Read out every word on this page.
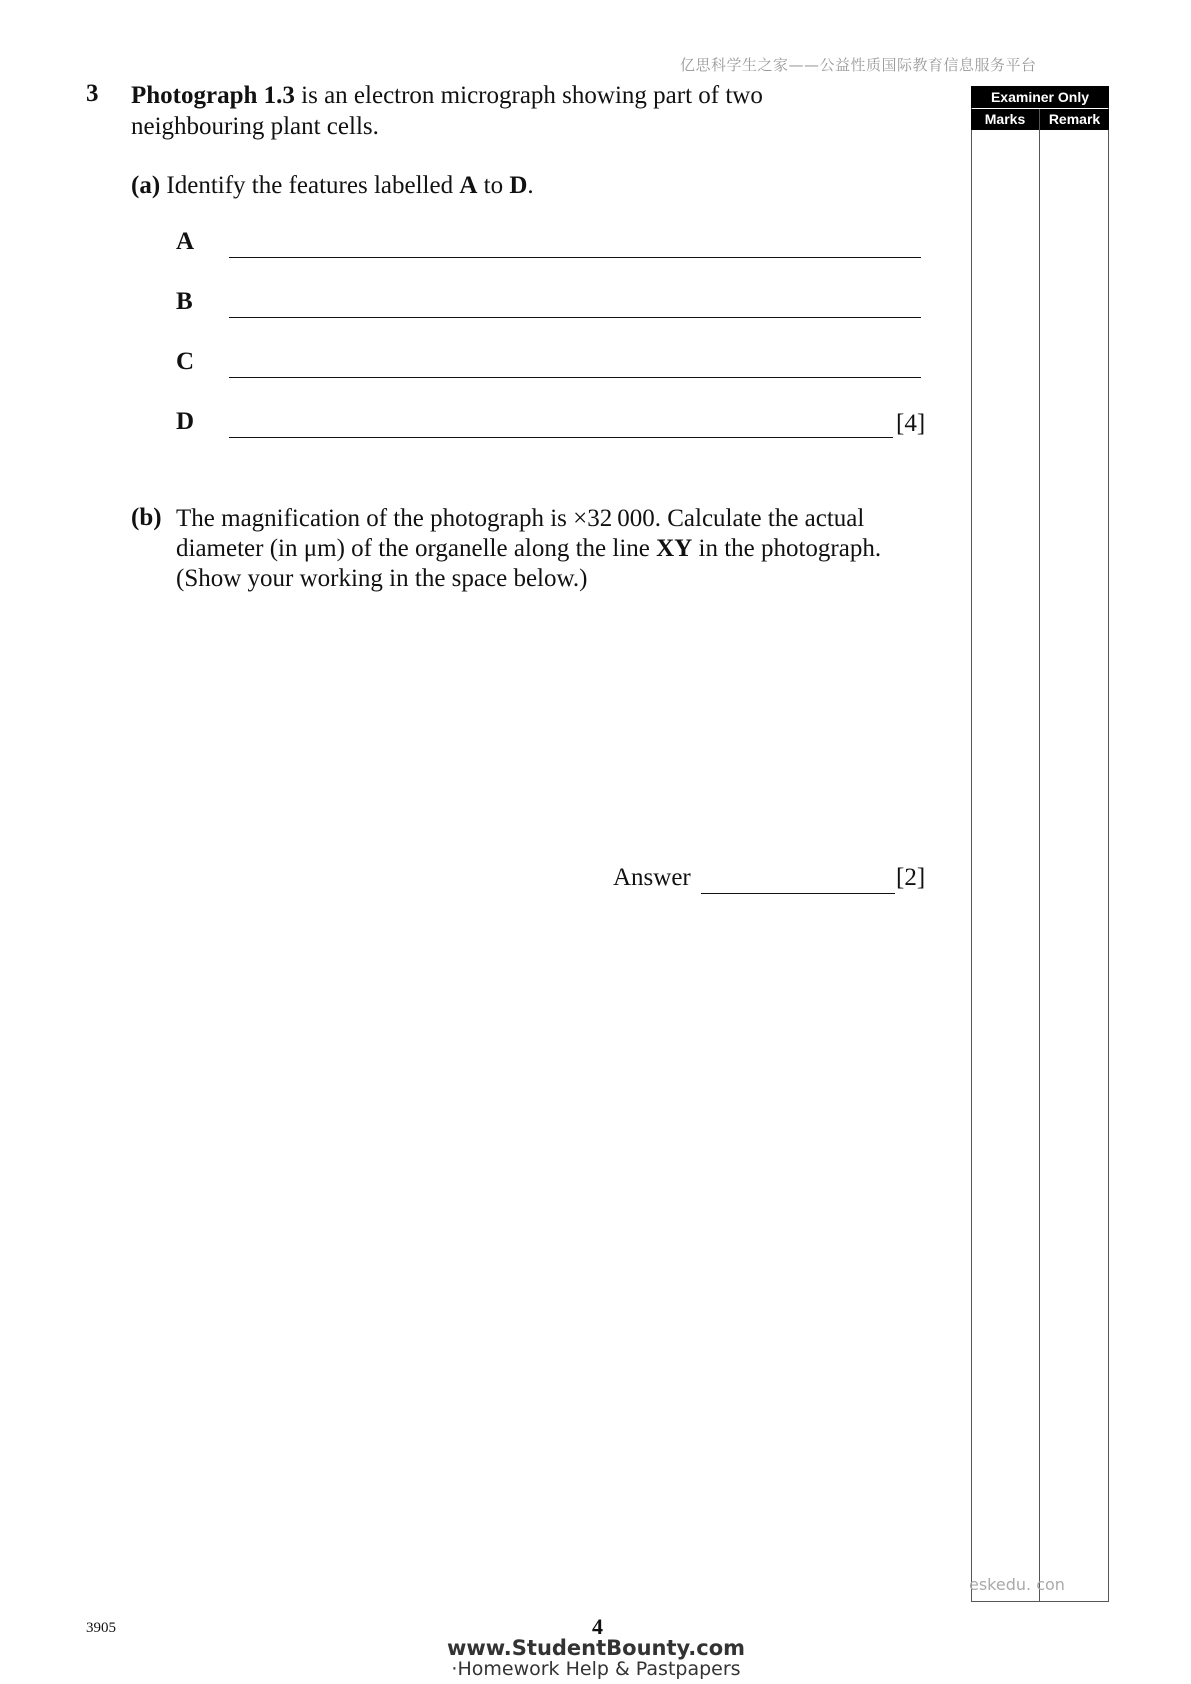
亿思科学生之家——公益性质国际教育信息服务平台
3 Photograph 1.3 is an electron micrograph showing part of two neighbouring plant cells.
(a) Identify the features labelled A to D.
A
B
C
D	[4]
(b) The magnification of the photograph is ×32 000. Calculate the actual diameter (in μm) of the organelle along the line XY in the photograph. (Show your working in the space below.)
Answer	[2]
Examiner Only
Marks	Remark
eskedu. con
3905	4
www.StudentBounty.com
·Homework Help & Pastpapers
